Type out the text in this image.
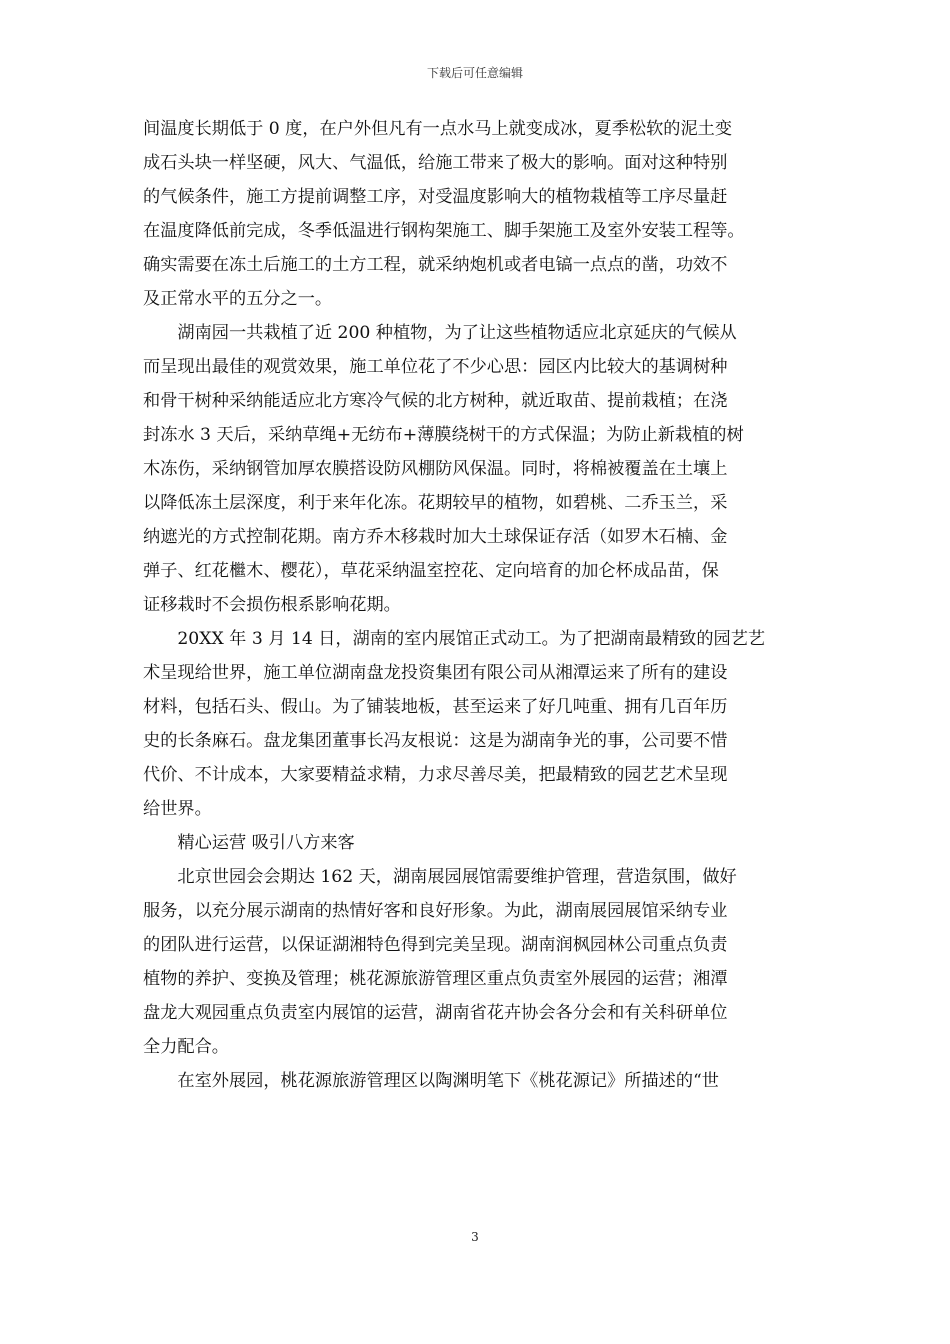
下载后可任意编辑
间温度长期低于 0 度，在户外但凡有一点水马上就变成冰，夏季松软的泥土变
成石头块一样坚硬，风大、气温低，给施工带来了极大的影响。面对这种特别
的气候条件，施工方提前调整工序，对受温度影响大的植物栽植等工序尽量赶
在温度降低前完成，冬季低温进行钢构架施工、脚手架施工及室外安装工程等。
确实需要在冻土后施工的土方工程，就采纳炮机或者电镐一点点的凿，功效不
及正常水平的五分之一。
　　湖南园一共栽植了近 200 种植物，为了让这些植物适应北京延庆的气候从
而呈现出最佳的观赏效果，施工单位花了不少心思：园区内比较大的基调树种
和骨干树种采纳能适应北方寒冷气候的北方树种，就近取苗、提前栽植；在浇
封冻水 3 天后，采纳草绳+无纺布+薄膜绕树干的方式保温；为防止新栽植的树
木冻伤，采纳钢管加厚农膜搭设防风棚防风保温。同时，将棉被覆盖在土壤上
以降低冻土层深度，利于来年化冻。花期较早的植物，如碧桃、二乔玉兰，采
纳遮光的方式控制花期。南方乔木移栽时加大土球保证存活（如罗木石楠、金
弹子、红花檵木、樱花），草花采纳温室控花、定向培育的加仑杯成品苗，保
证移栽时不会损伤根系影响花期。
　　20XX 年 3 月 14 日，湖南的室内展馆正式动工。为了把湖南最精致的园艺艺
术呈现给世界，施工单位湖南盘龙投资集团有限公司从湘潭运来了所有的建设
材料，包括石头、假山。为了铺装地板，甚至运来了好几吨重、拥有几百年历
史的长条麻石。盘龙集团董事长冯友根说：这是为湖南争光的事，公司要不惜
代价、不计成本，大家要精益求精，力求尽善尽美，把最精致的园艺艺术呈现
给世界。
　　精心运营 吸引八方来客
　　北京世园会会期达 162 天，湖南展园展馆需要维护管理，营造氛围，做好
服务，以充分展示湖南的热情好客和良好形象。为此，湖南展园展馆采纳专业
的团队进行运营，以保证湖湘特色得到完美呈现。湖南润枫园林公司重点负责
植物的养护、变换及管理；桃花源旅游管理区重点负责室外展园的运营；湘潭
盘龙大观园重点负责室内展馆的运营，湖南省花卉协会各分会和有关科研单位
全力配合。
　　在室外展园，桃花源旅游管理区以陶渊明笔下《桃花源记》所描述的“世
3
